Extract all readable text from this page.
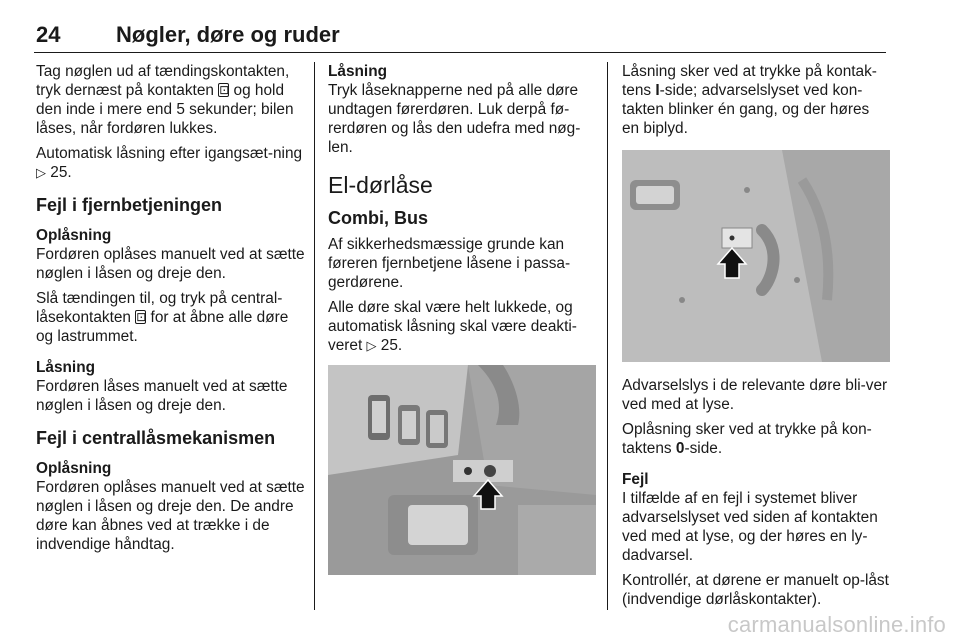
24	Nøgler, døre og ruder

Tag nøglen ud af tændingskontakten, tryk dernæst på kontakten ⊡ og hold den inde i mere end 5 sekunder; bilen låses, når fordøren lukkes.

Automatisk låsning efter igangsæt-ning ▷ 25.

Fejl i fjernbetjeningen
Oplåsning

Fordøren oplåses manuelt ved at sætte nøglen i låsen og dreje den.

Slå tændingen til, og tryk på central-låsekontakten ⊡ for at åbne alle døre og lastrummet.

Låsning

Fordøren låses manuelt ved at sætte nøglen i låsen og dreje den.

Fejl i centrallåsmekanismen
Oplåsning

Fordøren oplåses manuelt ved at sætte nøglen i låsen og dreje den. De andre døre kan åbnes ved at trække i de indvendige håndtag.

Låsning

Tryk låseknapperne ned på alle døre undtagen førerdøren. Luk derpå fø-rerdøren og lås den udefra med nøg-len.

El-dørlåse
Combi, Bus

Af sikkerhedsmæssige grunde kan føreren fjernbetjene låsene i passa-gerdørene.

Alle døre skal være helt lukkede, og automatisk låsning skal være deakti-veret ▷ 25.

Låsning sker ved at trykke på kontak-tens I-side; advarselslyset ved kon-takten blinker én gang, og der høres en biplyd.

Advarselslys i de relevante døre bli-ver ved med at lyse.

Oplåsning sker ved at trykke på kon-taktens 0-side.

Fejl

I tilfælde af en fejl i systemet bliver advarselslyset ved siden af kontakten ved med at lyse, og der høres en ly-dadvarsel.

Kontrollér, at dørene er manuelt op-låst (indvendige dørlåskontakter).

carmanualsonline.info
